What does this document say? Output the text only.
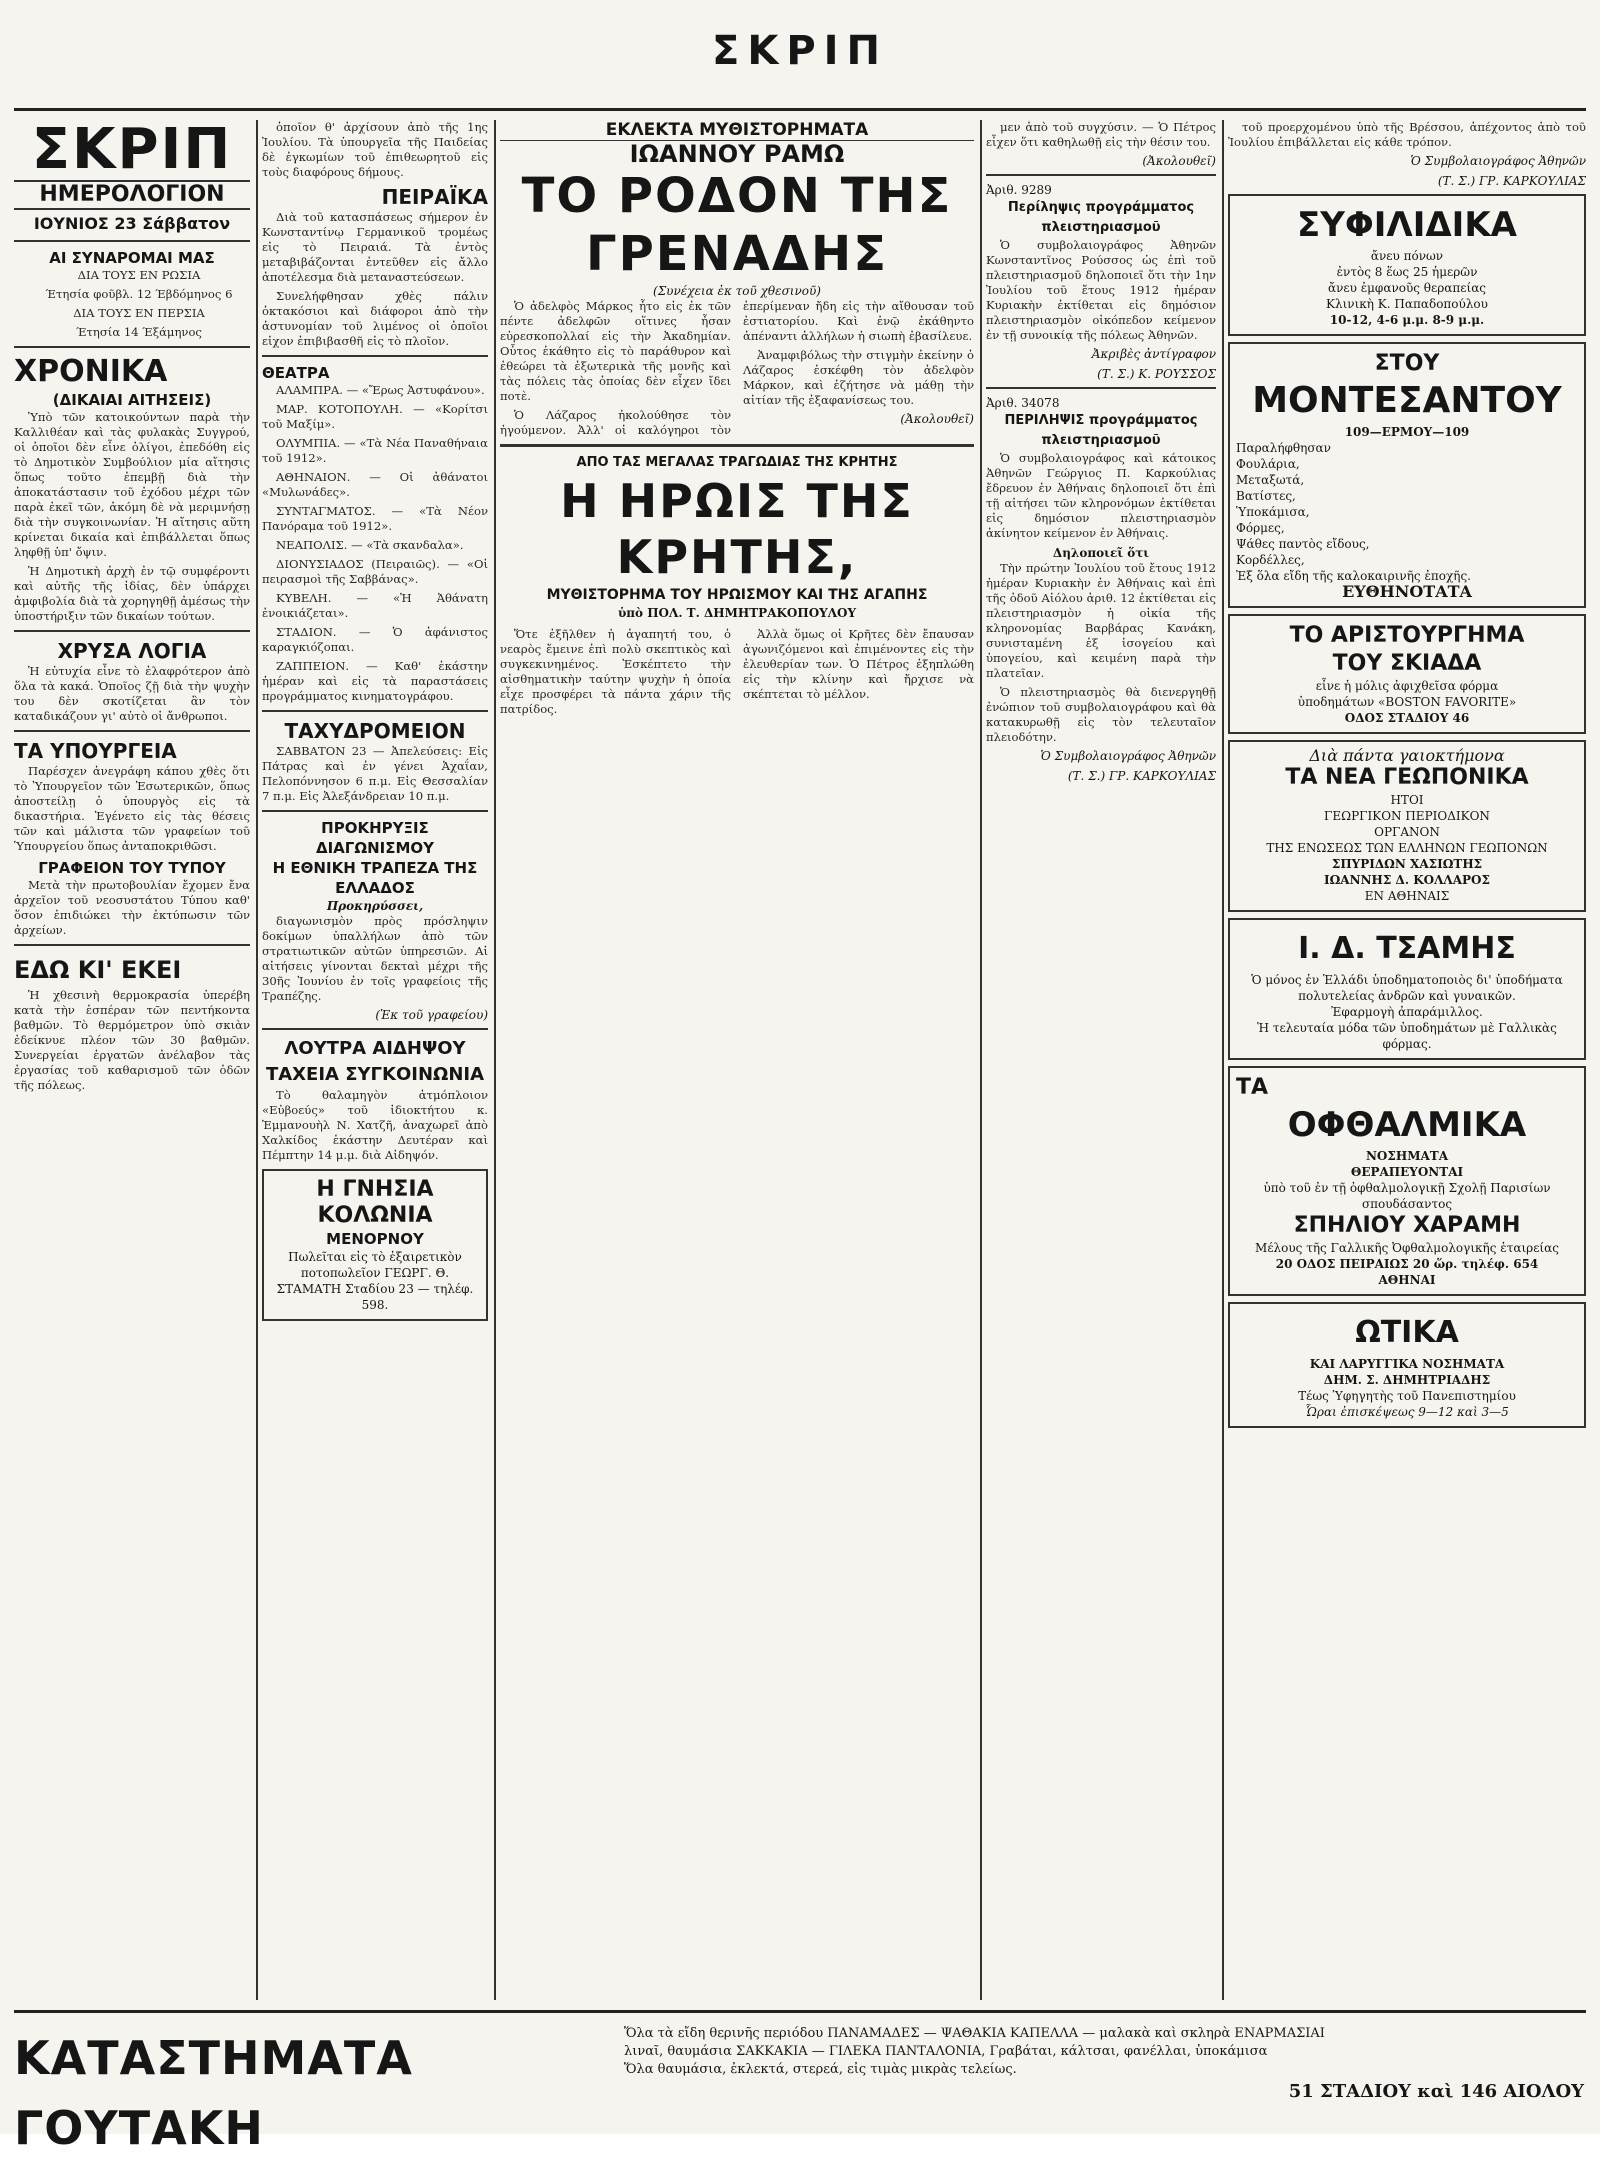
ΣΚΡΙΠ
ΣΚΡΙΠ
ΗΜΕΡΟΛΟΓΙΟΝ
ΙΟΥΝΙΟΣ 23 Σάββατον
ΑΙ ΣΥΝΑΡΟΜΑΙ ΜΑΣ

ΔΙΑ ΤΟΥΣ ΕΝ ΡΩΣΙΑ

Έτησία φοῦβλ. 12 Έβδόμηνος 6

ΔΙΑ ΤΟΥΣ ΕΝ ΠΕΡΣΙΑ

Έτησία 14 Έξάμηνος

ΧΡΟΝΙΚΑ
(ΔΙΚΑΙΑΙ ΑΙΤΗΣΕΙΣ)

Ὑπὸ τῶν κατοικούντων παρὰ τὴν Καλλιθέαν καὶ τὰς φυλακὰς Συγγρού, οἱ ὁποῖοι δὲν εἶνε ὀλίγοι, ἐπεδόθη εἰς τὸ Δημοτικὸν Συμβούλιον μία αἴτησις ὅπως τοῦτο ἐπεμβῇ διὰ τὴν ἀποκατάστασιν τοῦ ἐχόδου μέχρι τῶν παρὰ ἐκεῖ τῶν, ἀκόμη δὲ νὰ μεριμνήσῃ διὰ τὴν συγκοινωνίαν. Ἡ αἴτησις αὕτη κρίνεται δικαία καὶ ἐπιβάλλεται ὅπως ληφθῇ ὑπ' ὄψιν.

Ἡ Δημοτικὴ ἀρχὴ ἐν τῷ συμφέροντι καὶ αὐτῆς τῆς ἰδίας, δὲν ὑπάρχει ἀμφιβολία διὰ τὰ χορηγηθῇ ἀμέσως τὴν ὑποστήριξιν τῶν δικαίων τούτων.

ΧΡΥΣΑ ΛΟΓΙΑ

Ἡ εὐτυχία εἶνε τὸ ἐλαφρότερον ἀπὸ ὅλα τὰ κακά. Ὁποῖος ζῇ διὰ τὴν ψυχὴν του δὲν σκοτίζεται ἂν τὸν καταδικάζουν γι' αὐτὸ οἱ ἄνθρωποι.

ΤΑ ΥΠΟΥΡΓΕΙΑ

Παρέσχεν ἀνεγράφη κάπου χθὲς ὅτι τὸ Ὑπουργεῖον τῶν Ἐσωτερικῶν, ὅπως ἀποστείλῃ ὁ ὑπουργὸς εἰς τὰ δικαστήρια. Ἐγένετο εἰς τὰς θέσεις τῶν καὶ μάλιστα τῶν γραφείων τοῦ Ὑπουργείου ὅπως ἀνταποκριθῶσι.

ΓΡΑΦΕΙΟΝ ΤΟΥ ΤΥΠΟΥ

Μετὰ τὴν πρωτοβουλίαν ἔχομεν ἔνα ἀρχεῖον τοῦ νεοσυστάτου Τύπου καθ' ὅσον ἐπιδιώκει τὴν ἐκτύπωσιν τῶν ἀρχείων.

ΕΔΩ ΚΙ' ΕΚΕΙ

Ἡ χθεσινὴ θερμοκρασία ὑπερέβη κατὰ τὴν ἑσπέραν τῶν πεντήκοντα βαθμῶν. Τὸ θερμόμετρον ὑπὸ σκιὰν ἐδείκνυε πλέον τῶν 30 βαθμῶν. Συνεργείαι ἐργατῶν ἀνέλαβον τὰς ἐργασίας τοῦ καθαρισμοῦ τῶν ὁδῶν τῆς πόλεως.

ὁποῖον θ' ἀρχίσουν ἀπὸ τῆς 1ης Ἰουλίου. Τὰ ὑπουργεῖα τῆς Παιδείας δὲ ἐγκωμίων τοῦ ἐπιθεωρητοῦ εἰς τοὺς διαφόρους δήμους.

ΠΕΙΡΑΪΚΑ

Διὰ τοῦ κατασπάσεως σήμερον ἐν Κωνσταντίνῳ Γερμανικοῦ τρομέως εἰς τὸ Πειραιά. Τὰ ἐντὸς μεταβιβάζονται ἐντεῦθεν εἰς ἄλλο ἀποτέλεσμα διὰ μεταναστεύσεων.

Συνελήφθησαν χθὲς πάλιν ὀκτακόσιοι καὶ διάφοροι ἀπὸ τὴν ἀστυνομίαν τοῦ λιμένος οἱ ὁποῖοι εἰχον ἐπιβιβασθῆ εἰς τὸ πλοῖον.

ΘΕΑΤΡΑ

ΑΛΑΜΠΡΑ. — «Ἔρως Ἀστυφάνου».

ΜΑΡ. ΚΟΤΟΠΟΥΛΗ. — «Κορίτσι τοῦ Μαξίμ».

ΟΛΥΜΠΙΑ. — «Τὰ Νέα Παναθήναια τοῦ 1912».

ΑΘΗΝΑΙΟΝ. — Οἱ ἀθάνατοι «Μυλωνάδες».

ΣΥΝΤΑΓΜΑΤΟΣ. — «Τὰ Νέον Πανόραμα τοῦ 1912».

ΝΕΑΠΟΛΙΣ. — «Τὰ σκανδαλα».

ΔΙΟΝΥΣΙΑΔΟΣ (Πειραιῶς). — «Οἱ πειρασμοὶ τῆς Σαββάνας».

ΚΥΒΕΛΗ. — «Ἡ Ἀθάνατη ἐνοικιάζεται».

ΣΤΑΔΙΟΝ. — Ὁ ἀφάνιστος καραγκιόζοπαι.

ΖΑΠΠΕΙΟΝ. — Καθ' ἑκάστην ἡμέραν καὶ εἰς τὰ παραστάσεις προγράμματος κινηματογράφου.

ΤΑΧΥΔΡΟΜΕΙΟΝ

ΣΑΒΒΑΤΟΝ 23 — Ἀπελεύσεις: Εἰς Πάτρας καὶ ἐν γένει Ἀχαΐαν, Πελοπόννησον 6 π.μ. Εἰς Θεσσαλίαν 7 π.μ. Εἰς Ἀλεξάνδρειαν 10 π.μ.

ΠΡΟΚΗΡΥΞΙΣ ΔΙΑΓΩΝΙΣΜΟΥ
Η ΕΘΝΙΚΗ ΤΡΑΠΕΖΑ ΤΗΣ ΕΛΛΑΔΟΣ
Προκηρύσσει,

διαγωνισμὸν πρὸς πρόσληψιν δοκίμων ὑπαλλήλων ἀπὸ τῶν στρατιωτικῶν αὐτῶν ὑπηρεσιῶν. Αἱ αἰτήσεις γίνονται δεκταὶ μέχρι τῆς 30ῆς Ἰουνίου ἐν τοῖς γραφείοις τῆς Τραπέζης.

(Ἐκ τοῦ γραφείου)
ΛΟΥΤΡΑ ΑΙΔΗΨΟΥ
ΤΑΧΕΙΑ ΣΥΓΚΟΙΝΩΝΙΑ

Τὸ θαλαμηγὸν ἀτμόπλοιον «Εὐβοεύς» τοῦ ἰδιοκτήτου κ. Ἐμμανουὴλ Ν. Χατζῆ, ἀναχωρεῖ ἀπὸ Χαλκίδος ἑκάστην Δευτέραν καὶ Πέμπτην 14 μ.μ. διὰ Αἰδηψόν.

Η ΓΝΗΣΙΑ ΚΟΛΩΝΙΑ
ΜΕΝΟΡΝΟΥ
Πωλεῖται εἰς τὸ ἐξαιρετικὸν ποτοπωλεῖον ΓΕΩΡΓ. Θ. ΣΤΑΜΑΤΗ Σταδίου 23 — τηλέφ. 598.
ΕΚΛΕΚΤΑ ΜΥΘΙΣΤΟΡΗΜΑΤΑ
ΙΩΑΝΝΟΥ ΡΑΜΩ
ΤΟ ΡΟΔΟΝ ΤΗΣ ΓΡΕΝΑΔΗΣ
(Συνέχεια ἐκ τοῦ χθεσινοῦ)

Ὁ ἀδελφὸς Μάρκος ἦτο εἰς ἐκ τῶν πέντε ἀδελφῶν οἵτινες ἦσαν εὐρεσκοπολλαί εἰς τὴν Ἀκαδημίαν. Οὗτος ἐκάθητο εἰς τὸ παράθυρον καὶ ἐθεώρει τὰ ἐξωτερικὰ τῆς μονῆς καὶ τὰς πόλεις τὰς ὁποίας δὲν εἶχεν ἴδει ποτὲ.

Ὁ Λάζαρος ἠκολούθησε τὸν ἡγούμενον. Ἀλλ' οἱ καλόγηροι τὸν ἐπερίμεναν ἤδη εἰς τὴν αἴθουσαν τοῦ ἐστιατορίου. Καὶ ἐνῷ ἐκάθηντο ἀπέναντι ἀλλήλων ἡ σιωπὴ ἐβασίλευε.

Ἀναμφιβόλως τὴν στιγμὴν ἐκείνην ὁ Λάζαρος ἐσκέφθη τὸν ἀδελφὸν Μάρκον, καὶ ἐζήτησε νὰ μάθῃ τὴν αἰτίαν τῆς ἐξαφανίσεως του.

(Ἀκολουθεῖ)
ΑΠΟ ΤΑΣ ΜΕΓΑΛΑΣ ΤΡΑΓΩΔΙΑΣ ΤΗΣ ΚΡΗΤΗΣ
Η ΗΡΩΙΣ ΤΗΣ ΚΡΗΤΗΣ,
ΜΥΘΙΣΤΟΡΗΜΑ ΤΟΥ ΗΡΩΙΣΜΟΥ ΚΑΙ ΤΗΣ ΑΓΑΠΗΣ
ὑπὸ ΠΟΛ. Τ. ΔΗΜΗΤΡΑΚΟΠΟΥΛΟΥ

Ὅτε ἐξῆλθεν ἡ ἀγαπητή του, ὁ νεαρὸς ἔμεινε ἐπὶ πολὺ σκεπτικὸς καὶ συγκεκινημένος. Ἐσκέπτετο τὴν αἰσθηματικὴν ταύτην ψυχὴν ἡ ὁποία εἶχε προσφέρει τὰ πάντα χάριν τῆς πατρίδος.

Ἀλλὰ ὅμως οἱ Κρῆτες δὲν ἔπαυσαν ἀγωνιζόμενοι καὶ ἐπιμένοντες εἰς τὴν ἐλευθερίαν των. Ὁ Πέτρος ἐξηπλώθη εἰς τὴν κλίνην καὶ ἤρχισε νὰ σκέπτεται τὸ μέλλον.

μεν ἀπὸ τοῦ συγχύσιν. — Ὁ Πέτρος εἶχεν ὅτι καθηλωθῇ εἰς τὴν θέσιν του.

(Ἀκολουθεῖ)
Ἀριθ. 9289
Περίληψις προγράμματος πλειστηριασμοῦ

Ὁ συμβολαιογράφος Ἀθηνῶν Κωνσταντῖνος Ρούσσος ὡς ἐπὶ τοῦ πλειστηριασμοῦ δηλοποιεῖ ὅτι τὴν 1ην Ἰουλίου τοῦ ἔτους 1912 ἡμέραν Κυριακὴν ἐκτίθεται εἰς δημόσιον πλειστηριασμὸν οἰκόπεδον κείμενον ἐν τῇ συνοικίᾳ τῆς πόλεως Ἀθηνῶν.

Ἀκριβὲς ἀντίγραφον
(Τ. Σ.) Κ. ΡΟΥΣΣΟΣ
Ἀριθ. 34078
ΠΕΡΙΛΗΨΙΣ προγράμματος πλειστηριασμοῦ

Ὁ συμβολαιογράφος καὶ κάτοικος Ἀθηνῶν Γεώργιος Π. Καρκούλιας ἔδρευον ἐν Ἀθήναις δηλοποιεῖ ὅτι ἐπὶ τῇ αἰτήσει τῶν κληρονόμων ἐκτίθεται εἰς δημόσιον πλειστηριασμὸν ἀκίνητον κείμενον ἐν Ἀθήναις.

Δηλοποιεῖ ὅτι

Τὴν πρώτην Ἰουλίου τοῦ ἔτους 1912 ἡμέραν Κυριακὴν ἐν Ἀθήναις καὶ ἐπὶ τῆς ὁδοῦ Αἰόλου ἀριθ. 12 ἐκτίθεται εἰς πλειστηριασμὸν ἡ οἰκία τῆς κληρονομίας Βαρβάρας Κανάκη, συνισταμένη ἐξ ἰσογείου καὶ ὑπογείου, καὶ κειμένη παρὰ τὴν πλατεῖαν.

Ὁ πλειστηριασμὸς θὰ διενεργηθῇ ἐνώπιον τοῦ συμβολαιογράφου καὶ θὰ κατακυρωθῇ εἰς τὸν τελευταῖον πλειοδότην.

Ὁ Συμβολαιογράφος Ἀθηνῶν
(Τ. Σ.) ΓΡ. ΚΑΡΚΟΥΛΙΑΣ

τοῦ προερχομένου ὑπὸ τῆς Βρέσσου, ἀπέχοντος ἀπὸ τοῦ Ἰουλίου ἐπιβάλλεται εἰς κάθε τρόπον.

Ὁ Συμβολαιογράφος Ἀθηνῶν
(Τ. Σ.) ΓΡ. ΚΑΡΚΟΥΛΙΑΣ
ΣΥΦΙΛΙΔΙΚΑ
ἄνευ πόνων
ἐντὸς 8 ἕως 25 ἡμερῶν
ἄνευ ἐμφανοῦς θεραπείας
Κλινικὴ Κ. Παπαδοπούλου
10-12, 4-6 μ.μ. 8-9 μ.μ.
ΣΤΟΥ
ΜΟΝΤΕΣΑΝΤΟΥ
109—ΕΡΜΟΥ—109
Παραλήφθησαν
Φουλάρια,
Μεταξωτά,
Βατίστες,
Ὑποκάμισα,
Φόρμες,
Ψάθες παντὸς εἴδους,
Κορδέλλες,
Ἐξ ὅλα εἴδη τῆς καλοκαιρινῆς ἐποχῆς.
ΕΥΘΗΝΟΤΑΤΑ
ΤΟ ΑΡΙΣΤΟΥΡΓΗΜΑ
ΤΟΥ ΣΚΙΑΔΑ
εἶνε ἡ μόλις ἀφιχθεῖσα φόρμα
ὑποδημάτων «BOSTON FAVORITE»
ΟΔΟΣ ΣΤΑΔΙΟΥ 46
Διὰ πάντα γαιοκτήμονα
ΤΑ ΝΕΑ ΓΕΩΠΟΝΙΚΑ
ΗΤΟΙ
ΓΕΩΡΓΙΚΟΝ ΠΕΡΙΟΔΙΚΟΝ
ΟΡΓΑΝΟΝ
ΤΗΣ ΕΝΩΣΕΩΣ ΤΩΝ ΕΛΛΗΝΩΝ ΓΕΩΠΟΝΩΝ
ΣΠΥΡΙΔΩΝ ΧΑΣΙΩΤΗΣ
ΙΩΑΝΝΗΣ Δ. ΚΟΛΛΑΡΟΣ
ΕΝ ΑΘΗΝΑΙΣ
Ι. Δ. ΤΣΑΜΗΣ
Ὁ μόνος ἐν Ἑλλάδι ὑποδηματοποιὸς δι' ὑποδήματα πολυτελείας ἀνδρῶν καὶ γυναικῶν.
Ἐφαρμογὴ ἀπαράμιλλος.
Ἡ τελευταία μόδα τῶν ὑποδημάτων μὲ Γαλλικὰς φόρμας.
ΤΑ
ΟΦΘΑΛΜΙΚΑ
ΝΟΣΗΜΑΤΑ
ΘΕΡΑΠΕΥΟΝΤΑΙ
ὑπὸ τοῦ ἐν τῇ ὀφθαλμολογικῇ Σχολῇ Παρισίων σπουδάσαντος
ΣΠΗΛΙΟΥ ΧΑΡΑΜΗ
Μέλους τῆς Γαλλικῆς Ὀφθαλμολογικῆς ἑταιρείας
20 ΟΔΟΣ ΠΕΙΡΑΙΩΣ 20 ὥρ. τηλέφ. 654
ΑΘΗΝΑΙ
ΩΤΙΚΑ
ΚΑΙ ΛΑΡΥΓΓΙΚΑ ΝΟΣΗΜΑΤΑ
ΔΗΜ. Σ. ΔΗΜΗΤΡΙΑΔΗΣ
Τέως Ὑφηγητὴς τοῦ Πανεπιστημίου
Ὧραι ἐπισκέψεως 9—12 καὶ 3—5
ΚΑΤΑΣΤΗΜΑΤΑ ΓΟΥΤΑΚΗ
Ὅλα τὰ εἴδη θερινῆς περιόδου ΠΑΝΑΜΑΔΕΣ — ΨΑΘΑΚΙΑ ΚΑΠΕΛΛΑ — μαλακὰ καὶ σκληρὰ ΕΝΑΡΜΑΣΙΑΙ
λιναῖ, θαυμάσια ΣΑΚΚΑΚΙΑ — ΓΙΛΕΚΑ ΠΑΝΤΑΛΟΝΙΑ, Γραβάται, κάλτσαι, φανέλλαι, ὑποκάμισα
Ὅλα θαυμάσια, ἐκλεκτά, στερεά, εἰς τιμὰς μικρὰς τελείως.
51 ΣΤΑΔΙΟΥ καὶ 146 ΑΙΟΛΟΥ
